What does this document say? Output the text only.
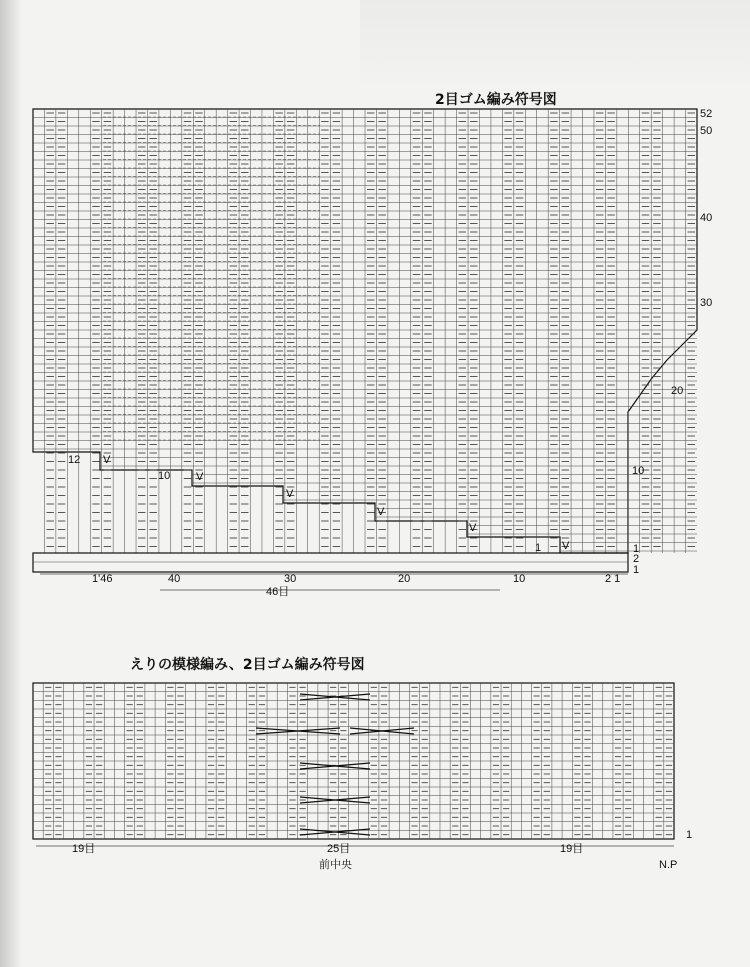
2目ゴム編み符号図
えりの模様編み、2目ゴム編み符号図
52
50
40
30
20
10
2
1
1
12
10
1
V
V
V
V
V
V
1'46	40	30	20	10	2 1
46目
1
19目	25目	19目
前中央	N.P
